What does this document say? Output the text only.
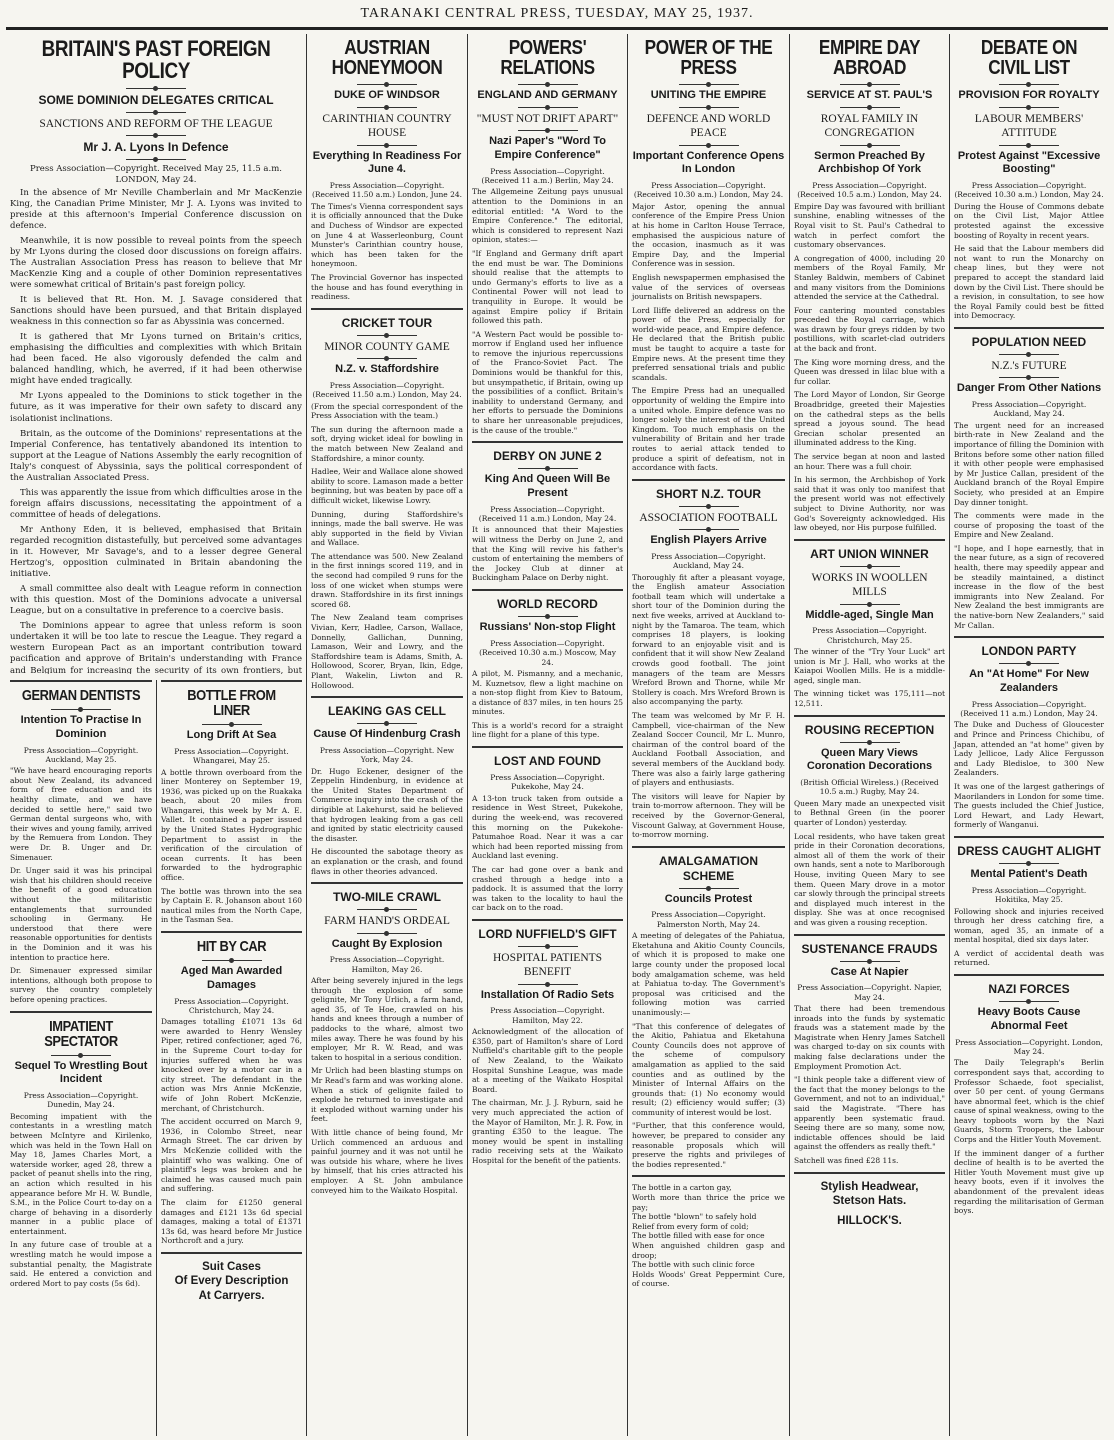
TARANAKI CENTRAL PRESS, TUESDAY, MAY 25, 1937.
BRITAIN'S PAST FOREIGN POLICY
SOME DOMINION DELEGATES CRITICAL
SANCTIONS AND REFORM OF THE LEAGUE
Mr J. A. Lyons In Defence
Press Association—Copyright. Received May 25, 11.5 a.m. LONDON, May 24.

In the absence of Mr Neville Chamberlain and Mr MacKenzie King, the Canadian Prime Minister, Mr J. A. Lyons was invited to preside at this afternoon's Imperial Conference discussion on defence.

Meanwhile, it is now possible to reveal points from the speech by Mr Lyons during the closed door discussions on foreign affairs. The Australian Association Press has reason to believe that Mr MacKenzie King and a couple of other Dominion representatives were somewhat critical of Britain's past foreign policy.

It is believed that Rt. Hon. M. J. Savage considered that Sanctions should have been pursued, and that Britain displayed weakness in this connection so far as Abyssinia was concerned.

It is gathered that Mr Lyons turned on Britain's critics, emphasising the difficulties and complexities with which Britain had been faced. He also vigorously defended the calm and balanced handling, which, he averred, if it had been otherwise might have ended tragically.

Mr Lyons appealed to the Dominions to stick together in the future, as it was imperative for their own safety to discard any isolationist inclinations.

Britain, as the outcome of the Dominions' representations at the Imperial Conference, has tentatively abandoned its intention to support at the League of Nations Assembly the early recognition of Italy's conquest of Abyssinia, says the political correspondent of the Australian Associated Press.

This was apparently the issue from which difficulties arose in the foreign affairs discussions, necessitating the appointment of a committee of heads of delegations.

Mr Anthony Eden, it is believed, emphasised that Britain regarded recognition distastefully, but perceived some advantages in it. However, Mr Savage's, and to a lesser degree General Hertzog's, opposition culminated in Britain abandoning the initiative.

A small committee also dealt with League reform in connection with this question. Most of the Dominions advocate a universal League, but on a consultative in preference to a coercive basis.

The Dominions appear to agree that unless reform is soon undertaken it will be too late to rescue the League. They regard a western European Pact as an important contribution toward pacification and approve of Britain's understanding with France and Belgium for increasing the security of its own frontiers, but

GERMAN DENTISTS
Intention To Practise In Dominion
Press Association—Copyright. Auckland, May 25.

"We have heard encouraging reports about New Zealand, its advanced form of free education and its healthy climate, and we have decided to settle here," said two German dental surgeons who, with their wives and young family, arrived by the Remuera from London. They were Dr. B. Unger and Dr. Simenauer.

Dr. Unger said it was his principal wish that his children should receive the benefit of a good education without the militaristic entanglements that surrounded schooling in Germany. He understood that there were reasonable opportunities for dentists in the Dominion and it was his intention to practice here.

Dr. Simenauer expressed similar intentions, although both propose to survey the country completely before opening practices.

IMPATIENT SPECTATOR
Sequel To Wrestling Bout Incident
Press Association—Copyright. Dunedin, May 24.

Becoming impatient with the contestants in a wrestling match between McIntyre and Kirilenko, which was held in the Town Hall on May 18, James Charles Mort, a waterside worker, aged 28, threw a packet of peanut shells into the ring, an action which resulted in his appearance before Mr H. W. Bundle, S.M., in the Police Court to-day on a charge of behaving in a disorderly manner in a public place of entertainment.

In any future case of trouble at a wrestling match he would impose a substantial penalty, the Magistrate said. He entered a conviction and ordered Mort to pay costs (5s 6d).

BOTTLE FROM LINER
Long Drift At Sea
Press Association—Copyright. Whangarei, May 25.

A bottle thrown overboard from the liner Monterey on September 19, 1936, was picked up on the Ruakaka beach, about 20 miles from Whangarei, this week by Mr A. E. Vallet. It contained a paper issued by the United States Hydrographic Department to assist in the verification of the circulation of ocean currents. It has been forwarded to the hydrographic office.

The bottle was thrown into the sea by Captain E. R. Johanson about 160 nautical miles from the North Cape, in the Tasman Sea.

HIT BY CAR
Aged Man Awarded Damages
Press Association—Copyright. Christchurch, May 24.

Damages totalling £1071 13s 6d were awarded to Henry Wensley Piper, retired confectioner, aged 76, in the Supreme Court to-day for injuries suffered when he was knocked over by a motor car in a city street. The defendant in the action was Mrs Annie McKenzie, wife of John Robert McKenzie, merchant, of Christchurch.

The accident occurred on March 9, 1936, in Colombo Street, near Armagh Street. The car driven by Mrs McKenzie collided with the plaintiff who was walking. One of plaintiff's legs was broken and he claimed he was caused much pain and suffering.

The claim for £1250 general damages and £121 13s 6d special damages, making a total of £1371 13s 6d, was heard before Mr Justice Northcroft and a jury.

Suit Cases
Of Every Description
At Carryers.
AUSTRIAN HONEYMOON
DUKE OF WINDSOR
CARINTHIAN COUNTRY HOUSE
Everything In Readiness For June 4.
Press Association—Copyright. (Received 11.50 a.m.) London, June 24.

The Times's Vienna correspondent says it is officially announced that the Duke and Duchess of Windsor are expected on June 4 at Wasserleonburg, Count Munster's Carinthian country house, which has been taken for the honeymoon.

The Provincial Governor has inspected the house and has found everything in readiness.

CRICKET TOUR
MINOR COUNTY GAME
N.Z. v. Staffordshire
Press Association—Copyright. (Received 11.50 a.m.) London, May 24.

(From the special correspondent of the Press Association with the team.)

The sun during the afternoon made a soft, drying wicket ideal for bowling in the match between New Zealand and Staffordshire, a minor county.

Hadlee, Weir and Wallace alone showed ability to score. Lamason made a better beginning, but was beaten by pace off a difficult wicket, likewise Lowry.

Dunning, during Staffordshire's innings, made the ball swerve. He was ably supported in the field by Vivian and Wallace.

The attendance was 500. New Zealand in the first innings scored 119, and in the second had compiled 9 runs for the loss of one wicket when stumps were drawn. Staffordshire in its first innings scored 68.

The New Zealand team comprises Vivian, Kerr, Hadlee, Carson, Wallace, Donnelly, Gallichan, Dunning, Lamason, Weir and Lowry, and the Staffordshire team is Adams, Smith, A. Hollowood, Scorer, Bryan, Ikin, Edge, Plant, Wakelin, Liwton and R. Hollowood.

LEAKING GAS CELL
Cause Of Hindenburg Crash
Press Association—Copyright. New York, May 24.

Dr. Hugo Eckener, designer of the Zeppelin Hindenburg, in evidence at the United States Department of Commerce inquiry into the crash of the dirigible at Lakehurst, said he believed that hydrogen leaking from a gas cell and ignited by static electricity caused the disaster.

He discounted the sabotage theory as an explanation or the crash, and found flaws in other theories advanced.

TWO-MILE CRAWL
FARM HAND'S ORDEAL
Caught By Explosion
Press Association—Copyright. Hamilton, May 26.

After being severely injured in the legs through the explosion of some gelignite, Mr Tony Urlich, a farm hand, aged 35, of Te Hoe, crawled on his hands and knees through a number of paddocks to the wharé, almost two miles away. There he was found by his employer, Mr R. W. Read, and was taken to hospital in a serious condition.

Mr Urlich had been blasting stumps on Mr Read's farm and was working alone. When a stick of gelignite failed to explode he returned to investigate and it exploded without warning under his feet.

With little chance of being found, Mr Urlich commenced an arduous and painful journey and it was not until he was outside his whare, where he lives by himself, that his cries attracted his employer. A St. John ambulance conveyed him to the Waikato Hospital.

POWERS' RELATIONS
ENGLAND AND GERMANY
"MUST NOT DRIFT APART"
Nazi Paper's "Word To Empire Conference"
Press Association—Copyright. (Received 11 a.m.) Berlin, May 24.

The Allgemeine Zeitung pays unusual attention to the Dominions in an editorial entitled: "A Word to the Empire Conference." The editorial, which is considered to represent Nazi opinion, states:—

"If England and Germany drift apart the end must be war. The Dominions should realise that the attempts to undo Germany's efforts to live as a Continental Power will not lead to tranquility in Europe. It would be against Empire policy if Britain followed this path.

"A Western Pact would be possible to-morrow if England used her influence to remove the injurious repercussions of the Franco-Soviet Pact. The Dominions would be thankful for this, but unsympathetic, if Britain, owing up the possibilities of a conflict. Britain's inability to understand Germany, and her efforts to persuade the Dominions to share her unreasonable prejudices, is the cause of the trouble."

DERBY ON JUNE 2
King And Queen Will Be Present
Press Association—Copyright. (Received 11 a.m.) London, May 24.

It is announced that their Majesties will witness the Derby on June 2, and that the King will revive his father's custom of entertaining the members of the Jockey Club at dinner at Buckingham Palace on Derby night.

WORLD RECORD
Russians' Non-stop Flight
Press Association—Copyright. (Received 10.30 a.m.) Moscow, May 24.

A pilot, M. Pismanny, and a mechanic, M. Kuznetsov, flew a light machine on a non-stop flight from Kiev to Batoum, a distance of 837 miles, in ten hours 25 minutes.

This is a world's record for a straight line flight for a plane of this type.

LOST AND FOUND
Press Association—Copyright. Pukekohe, May 24.

A 13-ton truck taken from outside a residence in West Street, Pukekohe, during the week-end, was recovered this morning on the Pukekohe-Patumahoe Road. Near it was a car which had been reported missing from Auckland last evening.

The car had gone over a bank and crashed through a hedge into a paddock. It is assumed that the lorry was taken to the locality to haul the car back on to the road.

LORD NUFFIELD'S GIFT
HOSPITAL PATIENTS BENEFIT
Installation Of Radio Sets
Press Association—Copyright. Hamilton, May 22.

Acknowledgment of the allocation of £350, part of Hamilton's share of Lord Nuffield's charitable gift to the people of New Zealand, to the Waikato Hospital Sunshine League, was made at a meeting of the Waikato Hospital Board.

The chairman, Mr. J. J. Ryburn, said he very much appreciated the action of the Mayor of Hamilton, Mr. J. R. Fow, in granting £350 to the league. The money would be spent in installing radio receiving sets at the Waikato Hospital for the benefit of the patients.

POWER OF THE PRESS
UNITING THE EMPIRE
DEFENCE AND WORLD PEACE
Important Conference Opens In London
Press Association—Copyright. (Received 10.30 a.m.) London, May 24.

Major Astor, opening the annual conference of the Empire Press Union at his home in Carlton House Terrace, emphasised the auspicious nature of the occasion, inasmuch as it was Empire Day, and the Imperial Conference was in session.

English newspapermen emphasised the value of the services of overseas journalists on British newspapers.

Lord Iliffe delivered an address on the power of the Press, especially for world-wide peace, and Empire defence. He declared that the British public must be taught to acquire a taste for Empire news. At the present time they preferred sensational trials and public scandals.

The Empire Press had an unequalled opportunity of welding the Empire into a united whole. Empire defence was no longer solely the interest of the United Kingdom. Too much emphasis on the vulnerability of Britain and her trade routes to aerial attack tended to produce a spirit of defeatism, not in accordance with facts.

SHORT N.Z. TOUR
ASSOCIATION FOOTBALL
English Players Arrive
Press Association—Copyright. Auckland, May 24.

Thoroughly fit after a pleasant voyage, the English amateur Association football team which will undertake a short tour of the Dominion during the next five weeks, arrived at Auckland to-night by the Tamaroa. The team, which comprises 18 players, is looking forward to an enjoyable visit and is confident that it will show New Zealand crowds good football. The joint managers of the team are Messrs Wreford Brown and Thorne, while Mr Stollery is coach. Mrs Wreford Brown is also accompanying the party.

The team was welcomed by Mr F. H. Campbell, vice-chairman of the New Zealand Soccer Council, Mr L. Munro, chairman of the control board of the Auckland Football Association, and several members of the Auckland body. There was also a fairly large gathering of players and enthusiasts.

The visitors will leave for Napier by train to-morrow afternoon. They will be received by the Governor-General, Viscount Galway, at Government House, to-morrow morning.

AMALGAMATION SCHEME
Councils Protest
Press Association—Copyright. Palmerston North, May 24.

A meeting of delegates of the Pahiatua, Eketahuna and Akitio County Councils, of which it is proposed to make one large county under the proposed local body amalgamation scheme, was held at Pahiatua to-day. The Government's proposal was criticised and the following motion was carried unanimously:—

"That this conference of delegates of the Akitio, Pahiatua and Eketahuna County Councils does not approve of the scheme of compulsory amalgamation as applied to the said counties and as outlined by the Minister of Internal Affairs on the grounds that: (1) No economy would result; (2) efficiency would suffer; (3) community of interest would be lost.

"Further, that this conference would, however, be prepared to consider any reasonable proposals which will preserve the rights and privileges of the bodies represented."

The bottle in a carton gay,

Worth more than thrice the price we pay;

The bottle "blown" to safely hold

Relief from every form of cold;

The bottle filled with ease for once

When anguished children gasp and droop;

The bottle with such clinic force

Holds Woods' Great Peppermint Cure, of course.

EMPIRE DAY ABROAD
SERVICE AT ST. PAUL'S
ROYAL FAMILY IN CONGREGATION
Sermon Preached By Archbishop Of York
Press Association—Copyright. (Received 10.5 a.m.) London, May 24.

Empire Day was favoured with brilliant sunshine, enabling witnesses of the Royal visit to St. Paul's Cathedral to watch in perfect comfort the customary observances.

A congregation of 4000, including 20 members of the Royal Family, Mr Stanley Baldwin, members of Cabinet and many visitors from the Dominions attended the service at the Cathedral.

Four cantering mounted constables preceded the Royal carriage, which was drawn by four greys ridden by two postillions, with scarlet-clad outriders at the back and front.

The King wore morning dress, and the Queen was dressed in lilac blue with a fur collar.

The Lord Mayor of London, Sir George Broadbridge, greeted their Majesties on the cathedral steps as the bells spread a joyous sound. The head Grecian scholar presented an illuminated address to the King.

The service began at noon and lasted an hour. There was a full choir.

In his sermon, the Archbishop of York said that it was only too manifest that the present world was not effectively subject to Divine Authority, nor was God's Sovereignty acknowledged. His law obeyed, nor His purpose fulfilled.

ART UNION WINNER
WORKS IN WOOLLEN MILLS
Middle-aged, Single Man
Press Association—Copyright. Christchurch, May 25.

The winner of the "Try Your Luck" art union is Mr J. Hall, who works at the Kaiapoi Woollen Mills. He is a middle-aged, single man.

The winning ticket was 175,111—not 12,511.

ROUSING RECEPTION
Queen Mary Views Coronation Decorations
(British Official Wireless.) (Received 10.5 a.m.) Rugby, May 24.

Queen Mary made an unexpected visit to Bethnal Green (in the poorer quarter of London) yesterday.

Local residents, who have taken great pride in their Coronation decorations, almost all of them the work of their own hands, sent a note to Marlborough House, inviting Queen Mary to see them. Queen Mary drove in a motor car slowly through the principal streets and displayed much interest in the display. She was at once recognised and was given a rousing reception.

SUSTENANCE FRAUDS
Case At Napier
Press Association—Copyright. Napier, May 24.

That there had been tremendous inroads into the funds by systematic frauds was a statement made by the Magistrate when Henry James Satchell was charged to-day on six counts with making false declarations under the Employment Promotion Act.

"I think people take a different view of the fact that the money belongs to the Government, and not to an individual," said the Magistrate. "There has apparently been systematic fraud. Seeing there are so many, some now, indictable offences should be laid against the offenders as really theft."

Satchell was fined £28 11s.

Stylish Headwear,
Stetson Hats.
HILLOCK'S.
DEBATE ON CIVIL LIST
PROVISION FOR ROYALTY
LABOUR MEMBERS' ATTITUDE
Protest Against "Excessive Boosting"
Press Association—Copyright. (Received 10.30 a.m.) London, May 24.

During the House of Commons debate on the Civil List, Major Attlee protested against the excessive boosting of Royalty in recent years.

He said that the Labour members did not want to run the Monarchy on cheap lines, but they were not prepared to accept the standard laid down by the Civil List. There should be a revision, in consultation, to see how the Royal Family could best be fitted into Democracy.

POPULATION NEED
N.Z.'s FUTURE
Danger From Other Nations
Press Association—Copyright. Auckland, May 24.

The urgent need for an increased birth-rate in New Zealand and the importance of filling the Dominion with Britons before some other nation filled it with other people were emphasised by Mr Justice Callan, president of the Auckland branch of the Royal Empire Society, who presided at an Empire Day dinner tonight.

The comments were made in the course of proposing the toast of the Empire and New Zealand.

"I hope, and I hope earnestly, that in the near future, as a sign of recovered health, there may speedily appear and be steadily maintained, a distinct increase in the flow of the best immigrants into New Zealand. For New Zealand the best immigrants are the native-born New Zealanders," said Mr Callan.

LONDON PARTY
An "At Home" For New Zealanders
Press Association—Copyright. (Received 11 a.m.) London, May 24.

The Duke and Duchess of Gloucester and Prince and Princess Chichibu, of Japan, attended an "at home" given by Lady Jellicoe, Lady Alice Fergusson and Lady Bledisloe, to 300 New Zealanders.

It was one of the largest gatherings of Maorilanders in London for some time. The guests included the Chief Justice, Lord Hewart, and Lady Hewart, formerly of Wanganui.

DRESS CAUGHT ALIGHT
Mental Patient's Death
Press Association—Copyright. Hokitika, May 25.

Following shock and injuries received through her dress catching fire, a woman, aged 35, an inmate of a mental hospital, died six days later.

A verdict of accidental death was returned.

NAZI FORCES
Heavy Boots Cause Abnormal Feet
Press Association—Copyright. London, May 24.

The Daily Telegraph's Berlin correspondent says that, according to Professor Schaede, foot specialist, over 50 per cent. of young Germans have abnormal feet, which is the chief cause of spinal weakness, owing to the heavy topboots worn by the Nazi Guards, Storm Troopers, the Labour Corps and the Hitler Youth Movement.

If the imminent danger of a further decline of health is to be averted the Hitler Youth Movement must give up heavy boots, even if it involves the abandonment of the prevalent ideas regarding the militarisation of German boys.
